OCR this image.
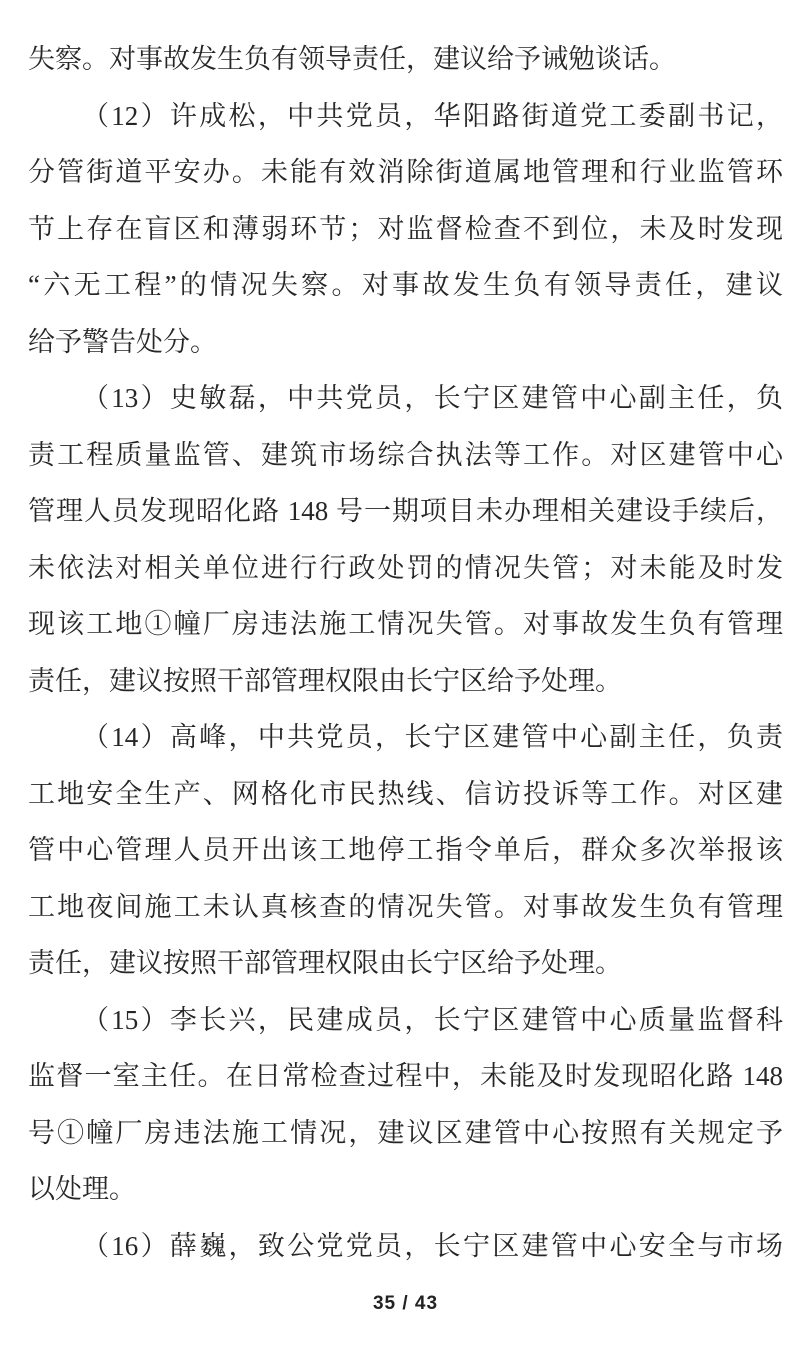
失察。对事故发生负有领导责任，建议给予诫勉谈话。
（12）许成松，中共党员，华阳路街道党工委副书记，
分管街道平安办。未能有效消除街道属地管理和行业监管环
节上存在盲区和薄弱环节；对监督检查不到位，未及时发现
“六无工程”的情况失察。对事故发生负有领导责任，建议
给予警告处分。
（13）史敏磊，中共党员，长宁区建管中心副主任，负
责工程质量监管、建筑市场综合执法等工作。对区建管中心
管理人员发现昭化路 148 号一期项目未办理相关建设手续后，
未依法对相关单位进行行政处罚的情况失管；对未能及时发
现该工地①幢厂房违法施工情况失管。对事故发生负有管理
责任，建议按照干部管理权限由长宁区给予处理。
（14）高峰，中共党员，长宁区建管中心副主任，负责
工地安全生产、网格化市民热线、信访投诉等工作。对区建
管中心管理人员开出该工地停工指令单后，群众多次举报该
工地夜间施工未认真核查的情况失管。对事故发生负有管理
责任，建议按照干部管理权限由长宁区给予处理。
（15）李长兴，民建成员，长宁区建管中心质量监督科
监督一室主任。在日常检查过程中，未能及时发现昭化路 148
号①幢厂房违法施工情况，建议区建管中心按照有关规定予
以处理。
（16）薛巍，致公党党员，长宁区建管中心安全与市场
35 / 43
